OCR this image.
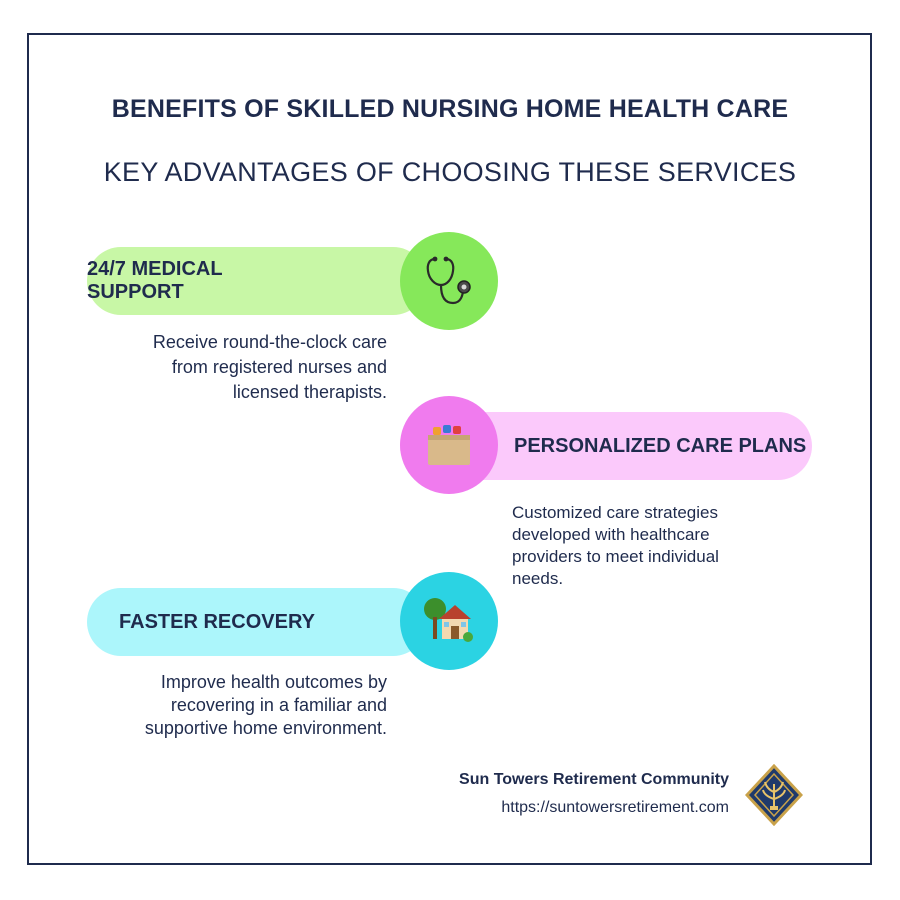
BENEFITS OF SKILLED NURSING HOME HEALTH CARE
KEY ADVANTAGES OF CHOOSING THESE SERVICES
24/7 MEDICAL SUPPORT
Receive round-the-clock care
from registered nurses and
licensed therapists.
PERSONALIZED CARE PLANS
Customized care strategies
developed with healthcare
providers to meet individual
needs.
FASTER RECOVERY
Improve health outcomes by
recovering in a familiar and
supportive home environment.
Sun Towers Retirement Community
https://suntowersretirement.com
